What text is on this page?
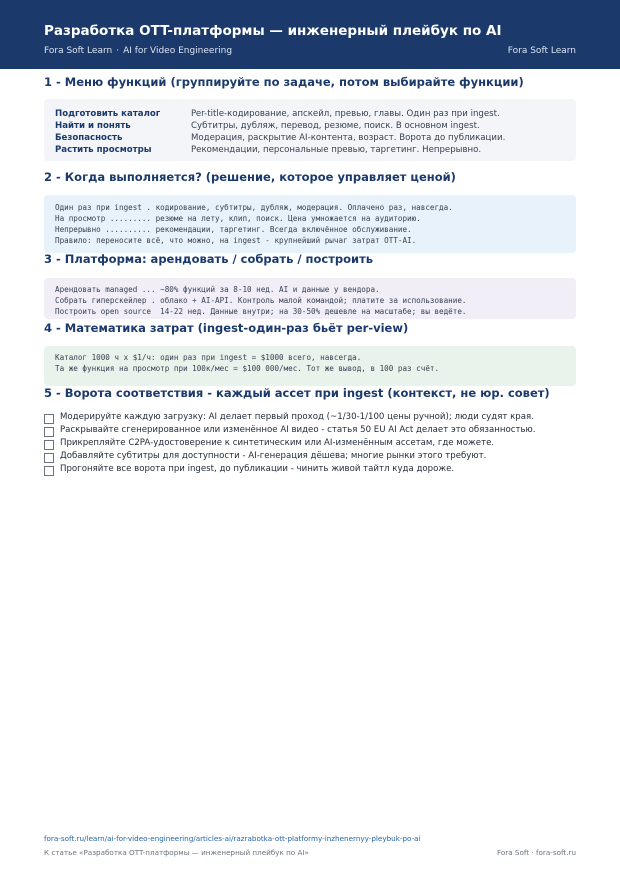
Разработка OTT-платформы — инженерный плейбук по AI
Fora Soft Learn · AI for Video Engineering	Fora Soft Learn
1 - Меню функций (группируйте по задаче, потом выбирайте функции)
Подготовить каталог	Per-title-кодирование, апскейл, превью, главы. Один раз при ingest.
Найти и понять	Субтитры, дубляж, перевод, резюме, поиск. В основном ingest.
Безопасность	Модерация, раскрытие AI-контента, возраст. Ворота до публикации.
Растить просмотры	Рекомендации, персональные превью, таргетинг. Непрерывно.
2 - Когда выполняется? (решение, которое управляет ценой)
Один раз при ingest . кодирование, субтитры, дубляж, модерация. Оплачено раз, навсегда.
На просмотр ......... резюме на лету, клип, поиск. Цена умножается на аудиторию.
Непрерывно .......... рекомендации, таргетинг. Всегда включённое обслуживание.
Правило: переносите всё, что можно, на ingest - крупнейший рычаг затрат OTT-AI.
3 - Платформа: арендовать / собрать / построить
Арендовать managed ... ~80% функций за 8-10 нед. AI и данные у вендора.
Собрать гиперскейлер . облако + AI-API. Контроль малой командой; платите за использование.
Построить open source  14-22 нед. Данные внутри; на 30-50% дешевле на масштабе; вы ведёте.
4 - Математика затрат (ingest-один-раз бьёт per-view)
Каталог 1000 ч x $1/ч: один раз при ingest = $1000 всего, навсегда.
Та же функция на просмотр при 100к/мес = $100 000/мес. Тот же вывод, в 100 раз счёт.
5 - Ворота соответствия - каждый ассет при ingest (контекст, не юр. совет)
Модерируйте каждую загрузку: AI делает первый проход (~1/30-1/100 цены ручной); люди судят края.
Раскрывайте сгенерированное или изменённое AI видео - статья 50 EU AI Act делает это обязанностью.
Прикрепляйте C2PA-удостоверение к синтетическим или AI-изменённым ассетам, где можете.
Добавляйте субтитры для доступности - AI-генерация дёшева; многие рынки этого требуют.
Прогоняйте все ворота при ingest, до публикации - чинить живой тайтл куда дороже.
fora-soft.ru/learn/ai-for-video-engineering/articles-ai/razrabotka-ott-platformy-inzhenernyy-pleybuk-po-ai
К статье «Разработка OTT-платформы — инженерный плейбук по AI»	Fora Soft · fora-soft.ru
